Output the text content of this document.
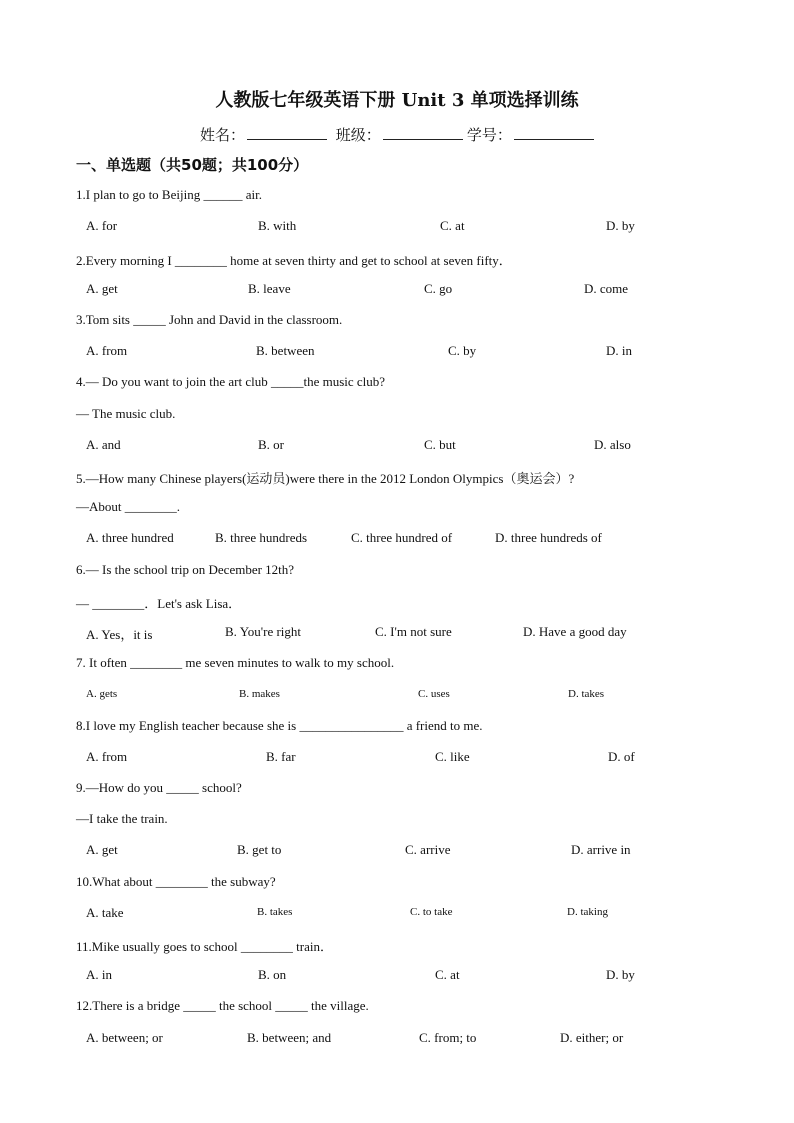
人教版七年级英语下册 Unit 3 单项选择训练
姓名：	班级：	学号：
一、单选题（共50题；共100分）
1.I plan to go to Beijing ______ air.
A. for	B. with	C. at	D. by
2.Every morning I ________ home at seven thirty and get to school at seven fifty．
A. get	B. leave	C. go	D. come
3.Tom sits _____ John and David in the classroom.
A. from	B. between	C. by	D. in
4.— Do you want to join the art club _____the music club?
— The music club.
A. and	B. or	C. but	D. also
5.—How many Chinese players(运动员)were there in the 2012 London Olympics（奥运会）?
—About ________.
A. three hundred	B. three hundreds	C. three hundred of	D. three hundreds of
6.— Is the school trip on December 12th?
— ________．Let's ask Lisa．
A. Yes，it is	B. You're right	C. I'm not sure	D. Have a good day
7. It often ________ me seven minutes to walk to my school.
A. gets	B. makes	C. uses	D. takes
8.I love my English teacher because she is ________________ a friend to me.
A. from	B. far	C. like	D. of
9.—How do you _____ school?
—I take the train.
A. get	B. get to	C. arrive	D. arrive in
10.What about ________ the subway?
A. take	B. takes	C. to take	D. taking
11.Mike usually goes to school ________ train．
A. in	B. on	C. at	D. by
12.There is a bridge _____ the school _____ the village.
A. between; or	B. between; and	C. from; to	D. either; or
